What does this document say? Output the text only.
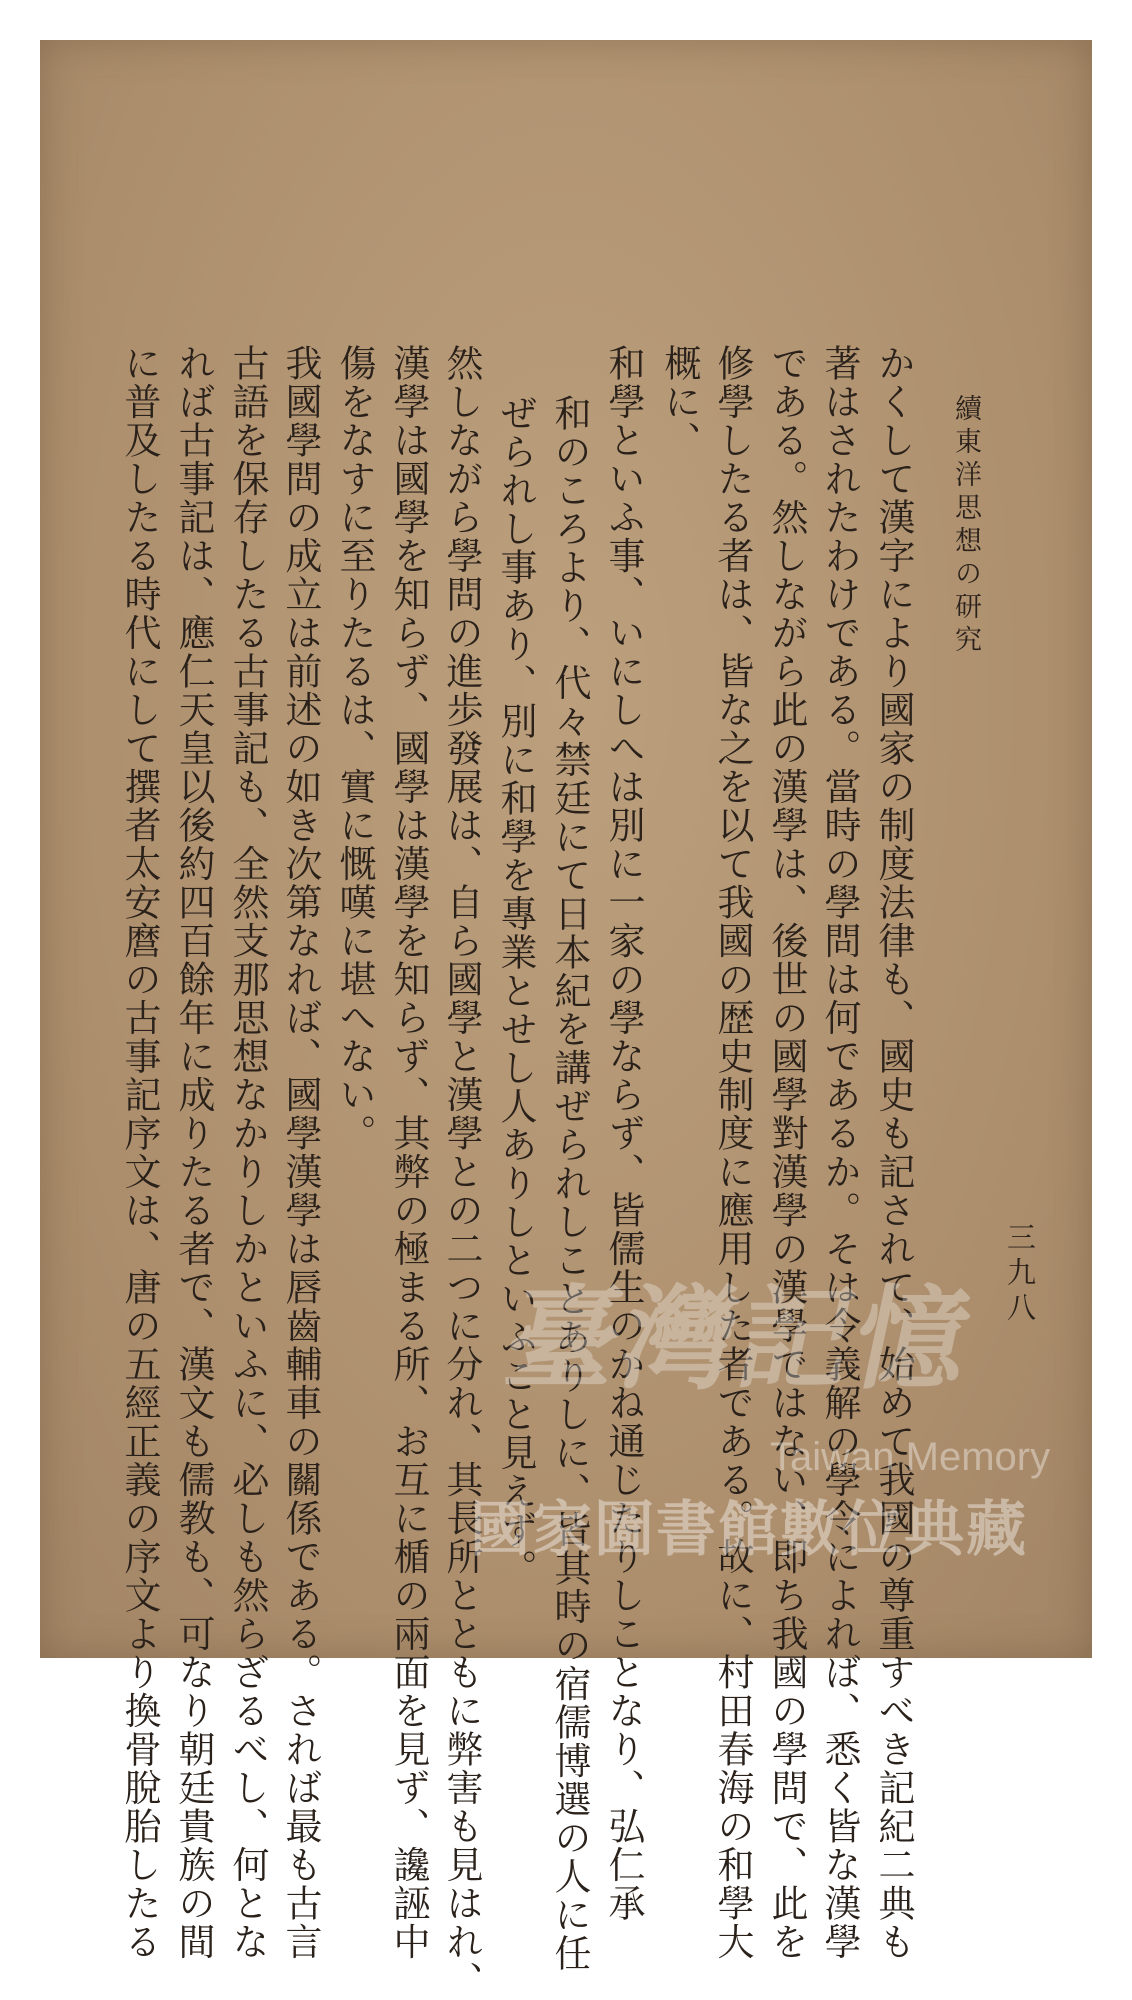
續東洋思想の研究
三九八
かくして漢字により國家の制度法律も、國史も記されて、始めて我國の尊重すべき記紀二典も
著はされたわけである。當時の學問は何であるか。そは令義解の學令によれば、悉く皆な漢學
である。然しながら此の漢學は、後世の國學對漢學の漢學ではない、即ち我國の學問で、此を
修學したる者は、皆な之を以て我國の歴史制度に應用した者である。故に、村田春海の和學大
概に、
和學といふ事、いにしへは別に一家の學ならず、皆儒生のかね通じたりしことなり、弘仁承
和のころより、代々禁廷にて日本紀を講ぜられしことありしに、皆其時の宿儒博選の人に任
ぜられし事あり、別に和學を專業とせし人ありしといふこと見えず。
然しながら學問の進歩發展は、自ら國學と漢學との二つに分れ、其長所とともに弊害も見はれ、
漢學は國學を知らず、國學は漢學を知らず、其弊の極まる所、お互に楯の兩面を見ず、讒誣中
傷をなすに至りたるは、實に慨嘆に堪へない。
我國學問の成立は前述の如き次第なれば、國學漢學は唇齒輔車の關係である。されば最も古言
古語を保存したる古事記も、全然支那思想なかりしかといふに、必しも然らざるべし、何とな
れば古事記は、應仁天皇以後約四百餘年に成りたる者で、漢文も儒教も、可なり朝廷貴族の間
に普及したる時代にして撰者太安麿の古事記序文は、唐の五經正義の序文より換骨脫胎したる	臺灣記憶
Taiwan Memory
國家圖書館數位典藏
